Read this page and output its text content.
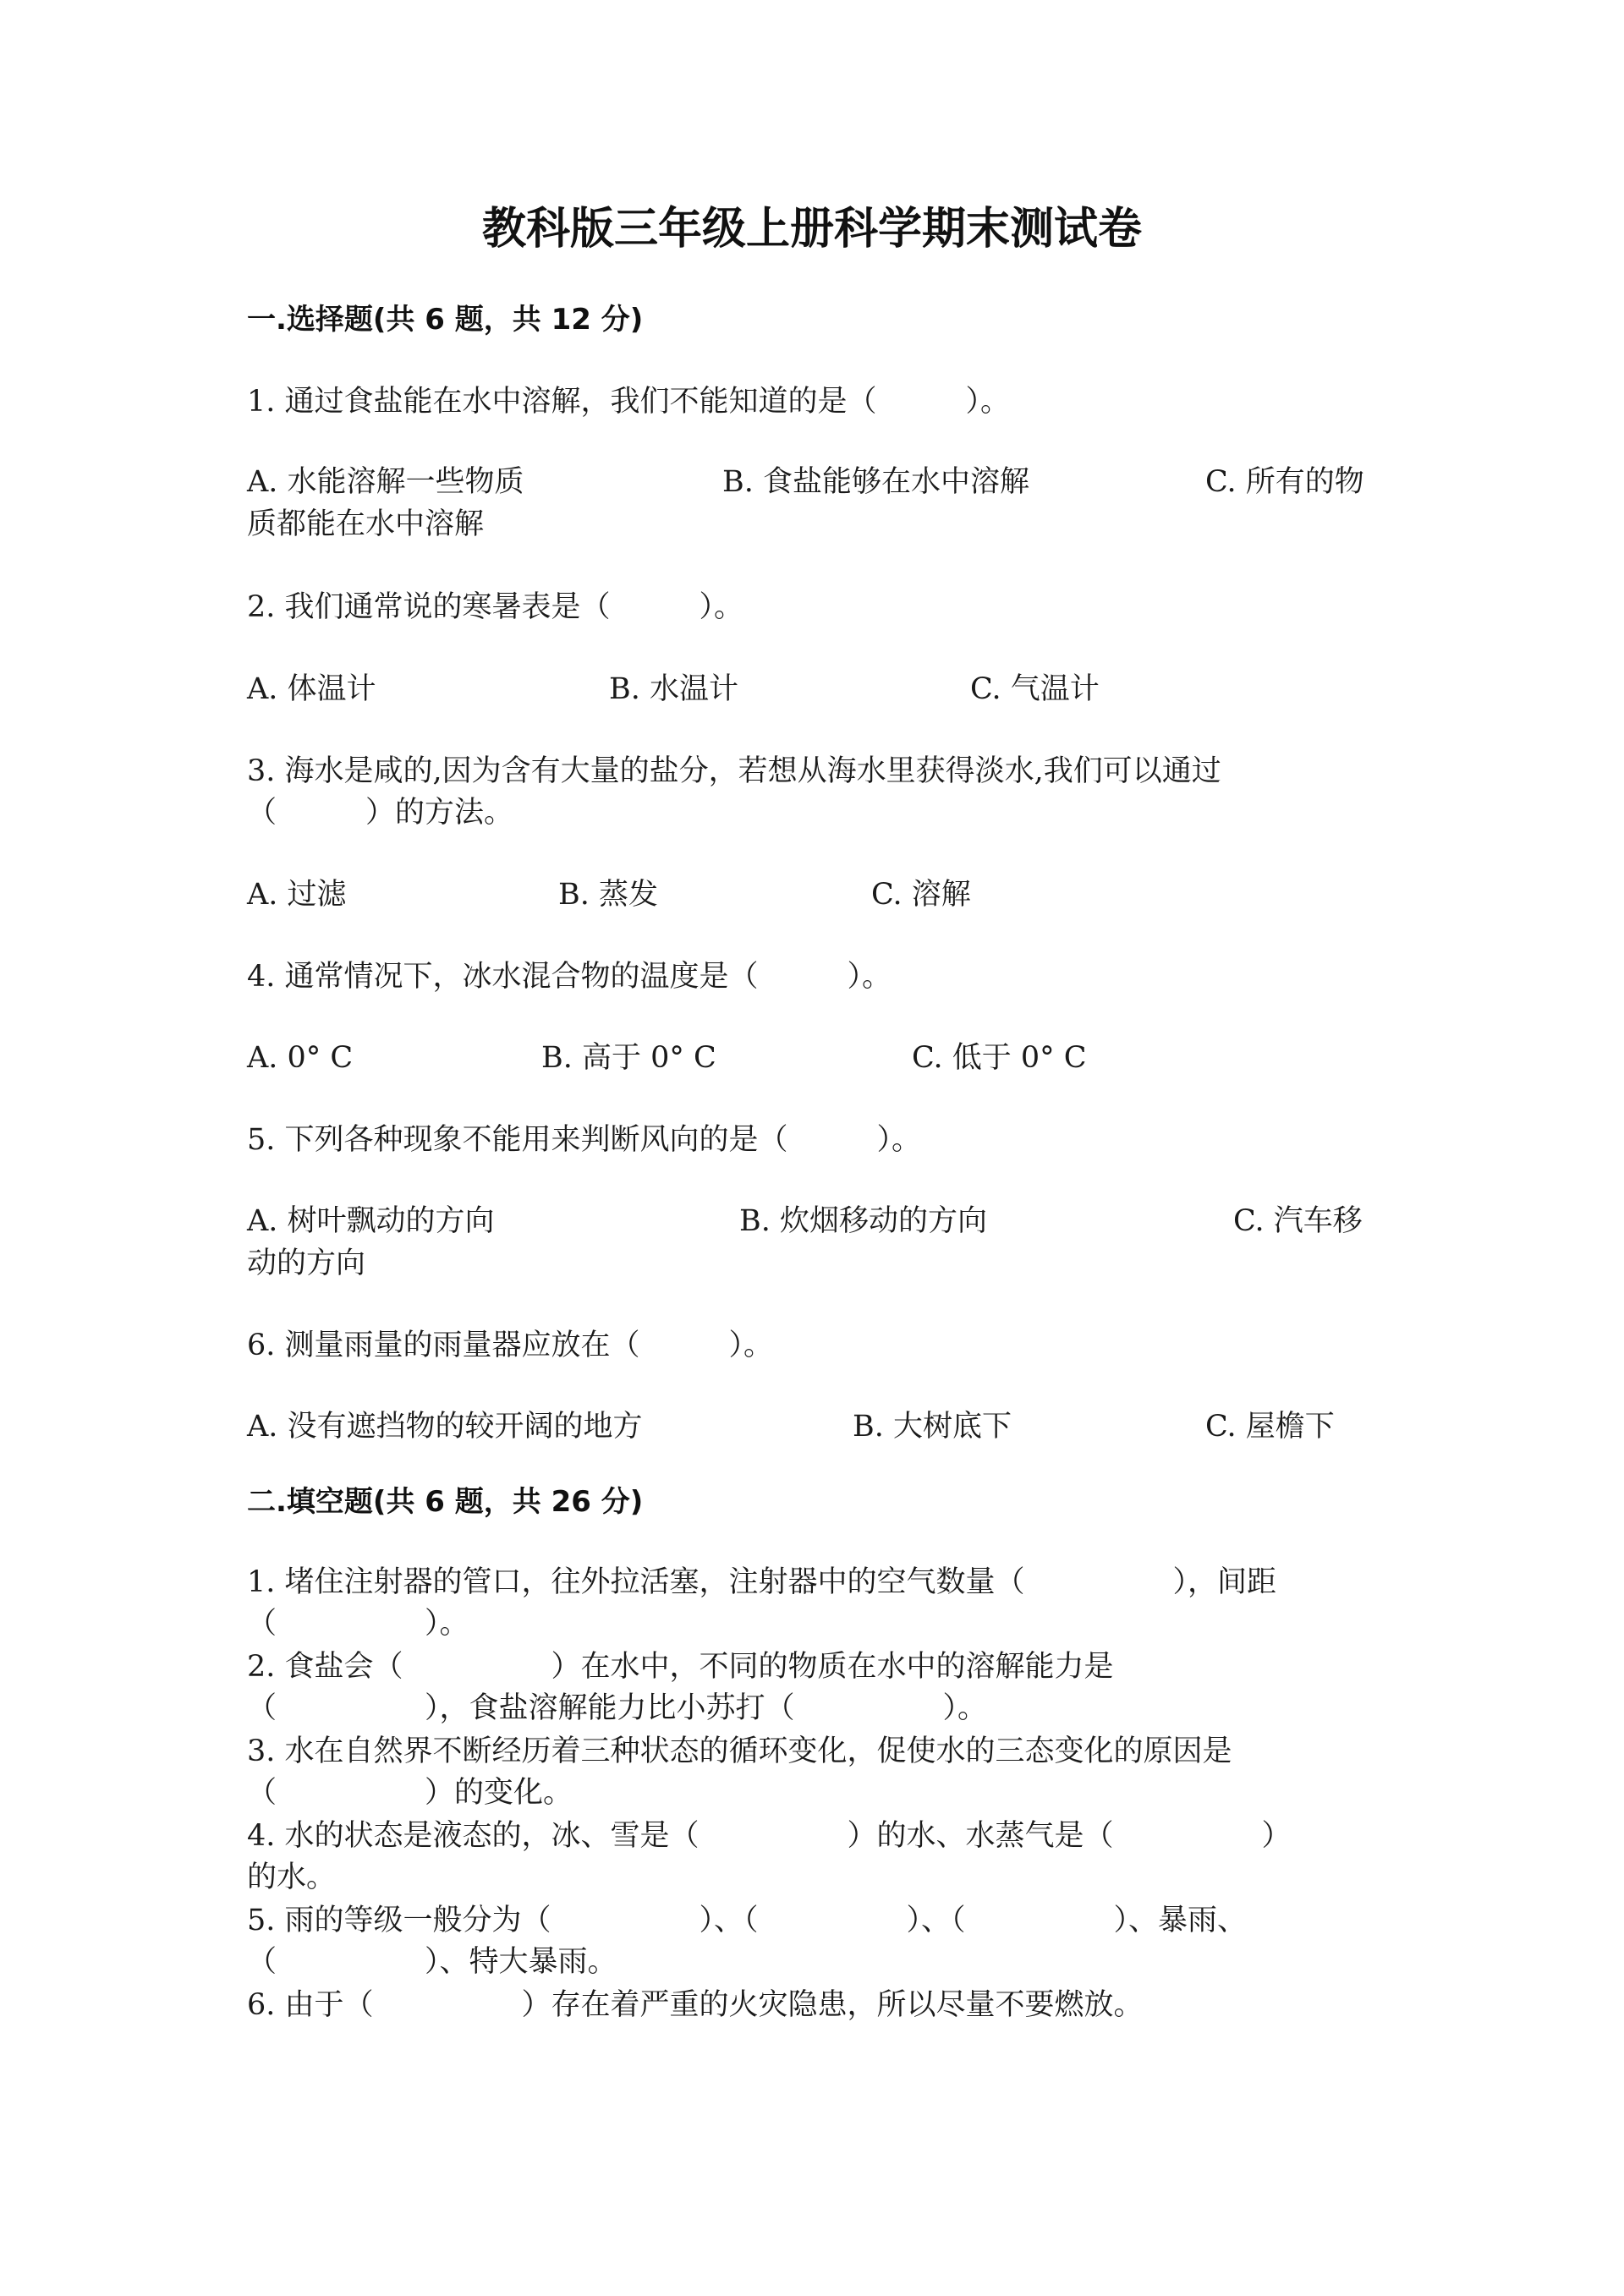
教科版三年级上册科学期末测试卷
一.选择题(共 6 题，共 12 分)
1. 通过食盐能在水中溶解，我们不能知道的是（　　　）。
A. 水能溶解一些物质	B. 食盐能够在水中溶解	C. 所有的物
质都能在水中溶解
2. 我们通常说的寒暑表是（　　　）。
A. 体温计	B. 水温计	C. 气温计
3. 海水是咸的,因为含有大量的盐分，若想从海水里获得淡水,我们可以通过
（　　　）的方法。
A. 过滤	B. 蒸发	C. 溶解
4. 通常情况下，冰水混合物的温度是（　　　）。
A. 0° C	B. 高于 0° C	C. 低于 0° C
5. 下列各种现象不能用来判断风向的是（　　　）。
A. 树叶飘动的方向	B. 炊烟移动的方向	C. 汽车移
动的方向
6. 测量雨量的雨量器应放在（　　　）。
A. 没有遮挡物的较开阔的地方	B. 大树底下	C. 屋檐下
二.填空题(共 6 题，共 26 分)
1. 堵住注射器的管口，往外拉活塞，注射器中的空气数量（　　　　　），间距
（　　　　　）。
2. 食盐会（　　　　　）在水中，不同的物质在水中的溶解能力是
（　　　　　），食盐溶解能力比小苏打（　　　　　）。
3. 水在自然界不断经历着三种状态的循环变化，促使水的三态变化的原因是
（　　　　　）的变化。
4. 水的状态是液态的，冰、雪是（　　　　　）的水、水蒸气是（　　　　　）
的水。
5. 雨的等级一般分为（　　　　　）、（　　　　　）、（　　　　　）、暴雨、
（　　　　　）、特大暴雨。
6. 由于（　　　　　）存在着严重的火灾隐患，所以尽量不要燃放。
